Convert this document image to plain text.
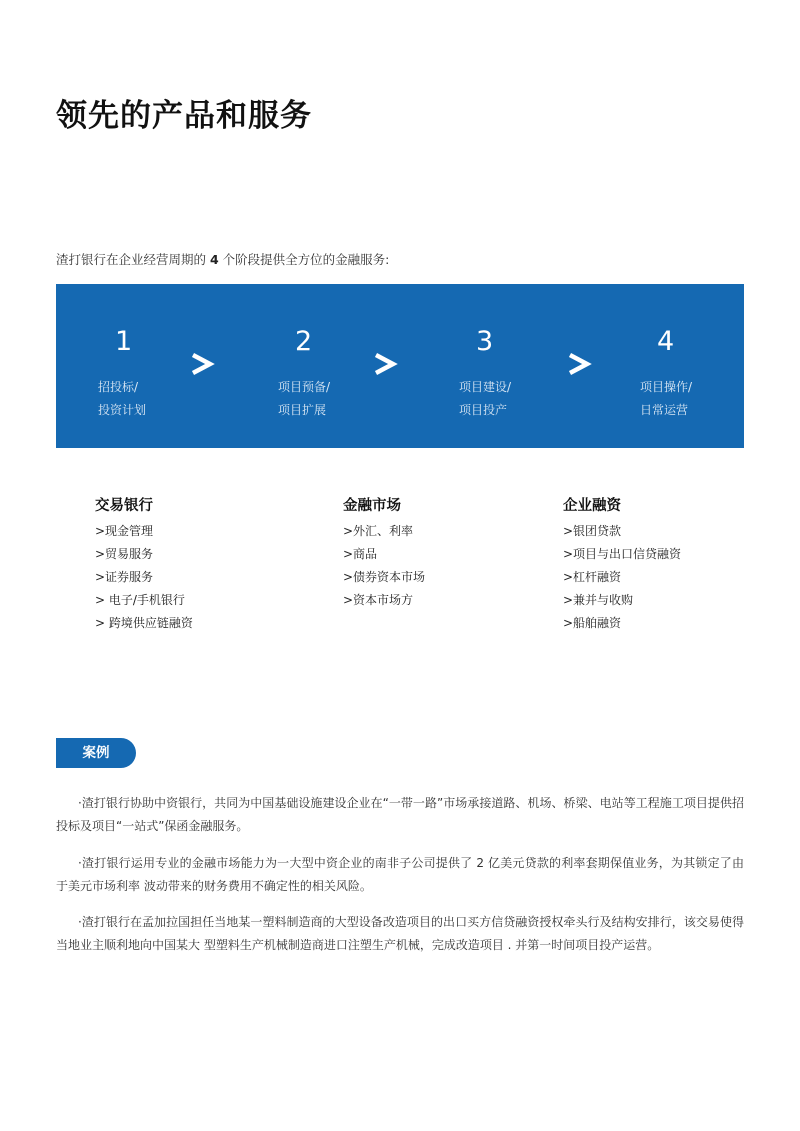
领先的产品和服务
渣打银行在企业经营周期的 4 个阶段提供全方位的金融服务:
1
招投标/
投资计划
2
项目预备/
项目扩展
3
项目建设/
项目投产
4
项目操作/
日常运营
交易银行
>现金管理
>贸易服务
>证券服务
> 电子/手机银行
> 跨境供应链融资
金融市场
>外汇、利率
>商品
>债券资本市场
>资本市场方
企业融资
>银团贷款
>项目与出口信贷融资
>杠杆融资
>兼并与收购
>船舶融资
案例

·渣打银行协助中资银行，共同为中国基础设施建设企业在“一带一路”市场承接道路、机场、桥梁、电站等工程施工项目提供招投标及项目“一站式”保函金融服务。

·渣打银行运用专业的金融市场能力为一大型中资企业的南非子公司提供了 2 亿美元贷款的利率套期保值业务，为其锁定了由于美元市场利率 波动带来的财务费用不确定性的相关风险。

·渣打银行在孟加拉国担任当地某一塑料制造商的大型设备改造项目的出口买方信贷融资授权牵头行及结构安排行，该交易使得当地业主顺利地向中国某大 型塑料生产机械制造商进口注塑生产机械，完成改造项目 . 并第一时间项目投产运营。
